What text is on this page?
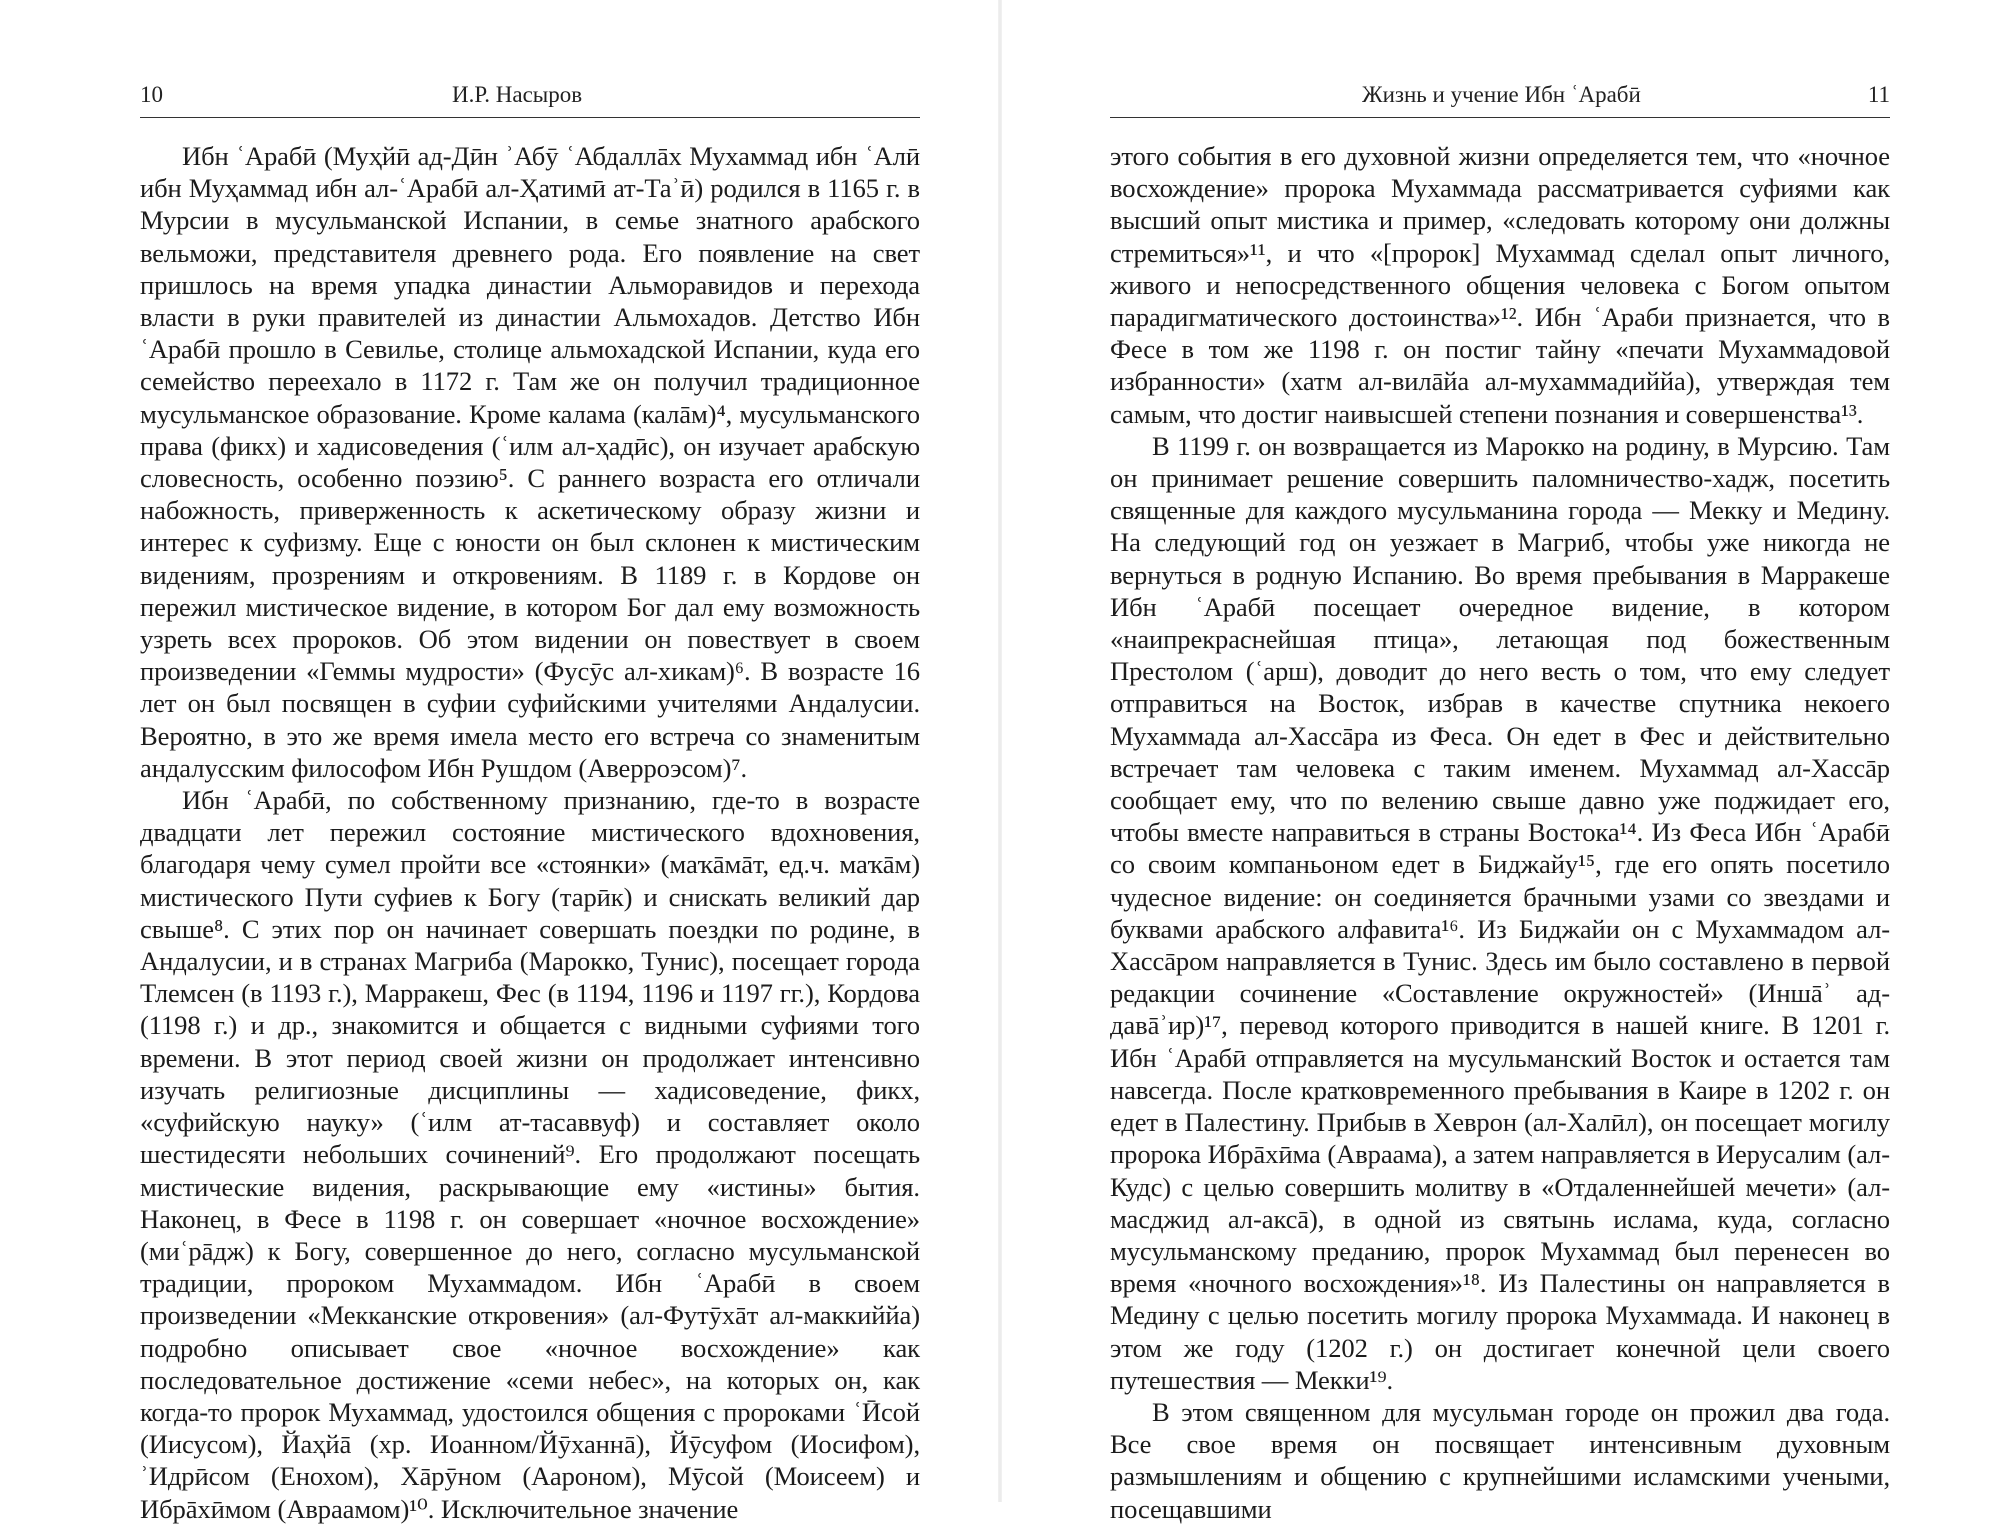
10	И.Р. Насыров

Ибн ʿАрабӣ (Муҳйӣ ад-Дӣн ʾАбӯ ʿАбдаллāх Мухаммад ибн ʿАлӣ ибн Муҳаммад ибн ал-ʿАрабӣ ал-Ҳатимӣ ат-Таʾӣ) родился в 1165 г. в Мурсии в мусульманской Испании, в семье знатного арабского вельможи, представителя древнего рода. Его появление на свет пришлось на время упадка династии Альморавидов и перехода власти в руки правителей из династии Альмохадов. Детство Ибн ʿАрабӣ прошло в Севилье, столице альмохадской Испании, куда его семейство переехало в 1172 г. Там же он получил традиционное мусульманское образование. Кроме калама (калāм)⁴, мусульманского права (фикх) и хадисоведения (ʿилм ал-ҳадӣс), он изучает арабскую словесность, особенно поэзию⁵. С раннего возраста его отличали набожность, приверженность к аскетическому образу жизни и интерес к суфизму. Еще с юности он был склонен к мистическим видениям, прозрениям и откровениям. В 1189 г. в Кордове он пережил мистическое видение, в котором Бог дал ему возможность узреть всех пророков. Об этом видении он повествует в своем произведении «Геммы мудрости» (Фусӯс ал-хикам)⁶. В возрасте 16 лет он был посвящен в суфии суфийскими учителями Андалусии. Вероятно, в это же время имела место его встреча со знаменитым андалусским философом Ибн Рушдом (Аверроэсом)⁷.

Ибн ʿАрабӣ, по собственному признанию, где-то в возрасте двадцати лет пережил состояние мистического вдохновения, благодаря чему сумел пройти все «стоянки» (маҡāмāт, ед.ч. маҡāм) мистического Пути суфиев к Богу (тарӣк) и снискать великий дар свыше⁸. С этих пор он начинает совершать поездки по родине, в Андалусии, и в странах Магриба (Марокко, Тунис), посещает города Тлемсен (в 1193 г.), Марракеш, Фес (в 1194, 1196 и 1197 гг.), Кордова (1198 г.) и др., знакомится и общается с видными суфиями того времени. В этот период своей жизни он продолжает интенсивно изучать религиозные дисциплины — хадисоведение, фикх, «суфийскую науку» (ʿилм ат-тасаввуф) и составляет около шестидесяти небольших сочинений⁹. Его продолжают посещать мистические видения, раскрывающие ему «истины» бытия. Наконец, в Фесе в 1198 г. он совершает «ночное восхождение» (миʿрāдж) к Богу, совершенное до него, согласно мусульманской традиции, пророком Мухаммадом. Ибн ʿАрабӣ в своем произведении «Мекканские откровения» (ал-Футӯхāт ал-маккиййа) подробно описывает свое «ночное восхождение» как последовательное достижение «семи небес», на которых он, как когда-то пророк Мухаммад, удостоился общения с пророками ʿӢсой (Иисусом), Йаҳйā (хр. Иоанном/Йӯханнā), Йӯсуфом (Иосифом), ʾИдрӣсом (Енохом), Хāрӯном (Аароном), Мӯсой (Моисеем) и Ибрāхӣмом (Авраамом)¹⁰. Исключительное значение

Жизнь и учение Ибн ʿАрабӣ	11

этого события в его духовной жизни определяется тем, что «ночное восхождение» пророка Мухаммада рассматривается суфиями как высший опыт мистика и пример, «следовать которому они должны стремиться»¹¹, и что «[пророк] Мухаммад сделал опыт личного, живого и непосредственного общения человека с Богом опытом парадигматического достоинства»¹². Ибн ʿАраби признается, что в Фесе в том же 1198 г. он постиг тайну «печати Мухаммадовой избранности» (хатм ал-вилāйа ал-мухаммадиййа), утверждая тем самым, что достиг наивысшей степени познания и совершенства¹³.

В 1199 г. он возвращается из Марокко на родину, в Мурсию. Там он принимает решение совершить паломничество-хадж, посетить священные для каждого мусульманина города — Мекку и Медину. На следующий год он уезжает в Магриб, чтобы уже никогда не вернуться в родную Испанию. Во время пребывания в Марракеше Ибн ʿАрабӣ посещает очередное видение, в котором «наипрекраснейшая птица», летающая под божественным Престолом (ʿарш), доводит до него весть о том, что ему следует отправиться на Восток, избрав в качестве спутника некоего Мухаммада ал-Хассāра из Феса. Он едет в Фес и действительно встречает там человека с таким именем. Мухаммад ал-Хассāр сообщает ему, что по велению свыше давно уже поджидает его, чтобы вместе направиться в страны Востока¹⁴. Из Феса Ибн ʿАрабӣ со своим компаньоном едет в Биджайу¹⁵, где его опять посетило чудесное видение: он соединяется брачными узами со звездами и буквами арабского алфавита¹⁶. Из Биджайи он с Мухаммадом ал-Хассāром направляется в Тунис. Здесь им было составлено в первой редакции сочинение «Составление окружностей» (Иншāʾ ад-давāʾир)¹⁷, перевод которого приводится в нашей книге. В 1201 г. Ибн ʿАрабӣ отправляется на мусульманский Восток и остается там навсегда. После кратковременного пребывания в Каире в 1202 г. он едет в Палестину. Прибыв в Хеврон (ал-Халӣл), он посещает могилу пророка Ибрāхӣма (Авраама), а затем направляется в Иерусалим (ал-Кудс) с целью совершить молитву в «Отдаленнейшей мечети» (ал-масджид ал-аксā), в одной из святынь ислама, куда, согласно мусульманскому преданию, пророк Мухаммад был перенесен во время «ночного восхождения»¹⁸. Из Палестины он направляется в Медину с целью посетить могилу пророка Мухаммада. И наконец в этом же году (1202 г.) он достигает конечной цели своего путешествия — Мекки¹⁹.

В этом священном для мусульман городе он прожил два года. Все свое время он посвящает интенсивным духовным размышлениям и общению с крупнейшими исламскими учеными, посещавшими
